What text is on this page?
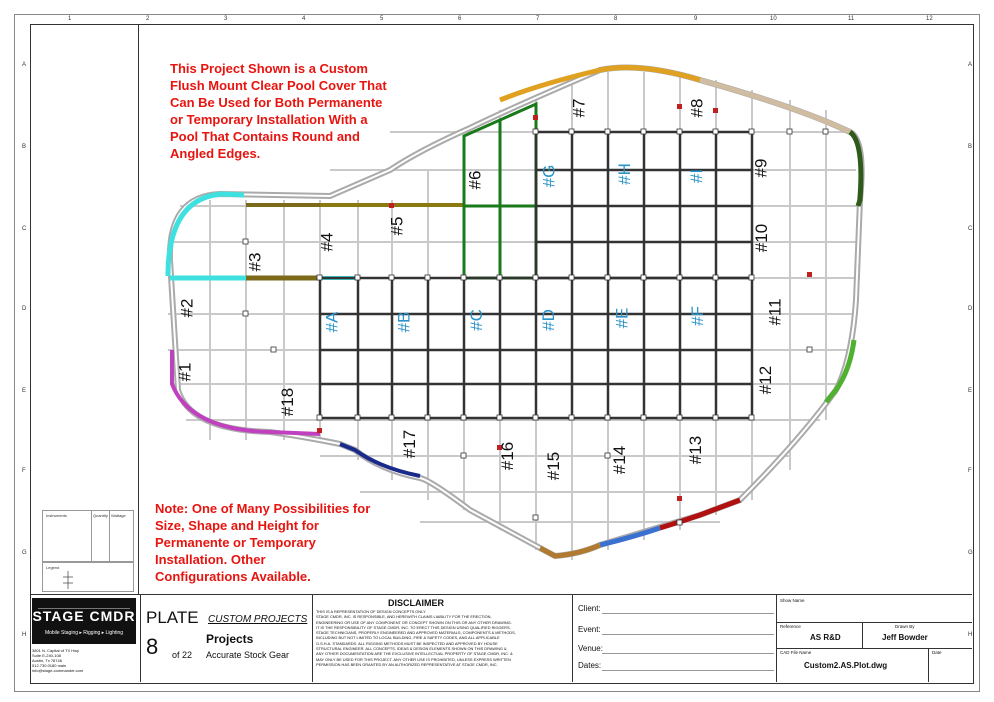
1	2	3	4	5	6	7	8	9	10	11	12
A
B
C
D
E
F
G
H
A
B
C
D
E
F
G
H
Instruments	Quantity Wattage
Legend
#1
#2
#3
#4
#5
#6
#7	#8
#9
#10
#11
#12
#13
#14
#15
#16
#17
#18
#A	#B	#C	#D	#E	#F
#G	#H	#I
This Project Shown is a Custom
Flush Mount Clear Pool Cover That
Can Be Used for Both Permanente
or Temporary Installation With a
Pool That Contains Round and
Angled Edges.
Note: One of Many Possibilities for
Size, Shape and Height for
Permanente or Temporary
Installation. Other
Configurations Available.
STAGE CMDR
Mobile Staging ▸ Rigging ▸ Lighting
3801 N. Capital of TX Hwy
Suite E-240-108
Austin, Tx 78746
512.730.0180 main
info@stage-commander.com
PLATE
8 of 22
CUSTOM PROJECTS
Projects
Accurate Stock Gear
DISCLAIMER
THIS IS A REPRESENTATION OF DESIGN CONCEPTS ONLY.
STAGE CMDR, INC. IS RESPONSIBLE, AND HEREWITH CLAIMS LIABILITY FOR THE ERECTION,
ENGINEERING OR USE OF ANY COMPONENT OR CONCEPT SHOWN ON THIS OR ANY OTHER DRAWING.
IT IS THE RESPONSIBILITY OF STAGE CMDR, INC. TO ERECT THIS DESIGN USING QUALIFIED RIGGERS,
STAGE TECHNICIANS, PROPERLY ENGINEERED AND APPROVED MATERIALS, COMPONENTS & METHODS,
INCLUDING BUT NOT LIMITED TO LOCAL BUILDING, FIRE & SAFETY CODES, AND ALL APPLICABLE
O.S.H.A. STANDARDS. ALL RIGGING METHODS MUST BE INSPECTED AND APPROVED BY HOUSE
STRUCTURAL ENGINEER. ALL CONCEPTS, IDEAS & DESIGN ELEMENTS SHOWN ON THIS DRAWING &
ANY OTHER DOCUMENTATION ARE THE EXCLUSIVE INTELLECTUAL PROPERTY OF STAGE CMDR, INC. &
MAY ONLY BE USED FOR THIS PROJECT. ANY OTHER USE IS PROHIBITED, UNLESS EXPRESS WRITTEN
PERMISSION HAS BEEN GRANTED BY AN AUTHORIZED REPRESENTATIVE AT STAGE CMDR, INC.
Client:
Event:
Venue:
Dates:
Show Name
Reference
AS R&D
Drawn By
Jeff Bowder
CAD File Name
Custom2.AS.Plot.dwg
Date
